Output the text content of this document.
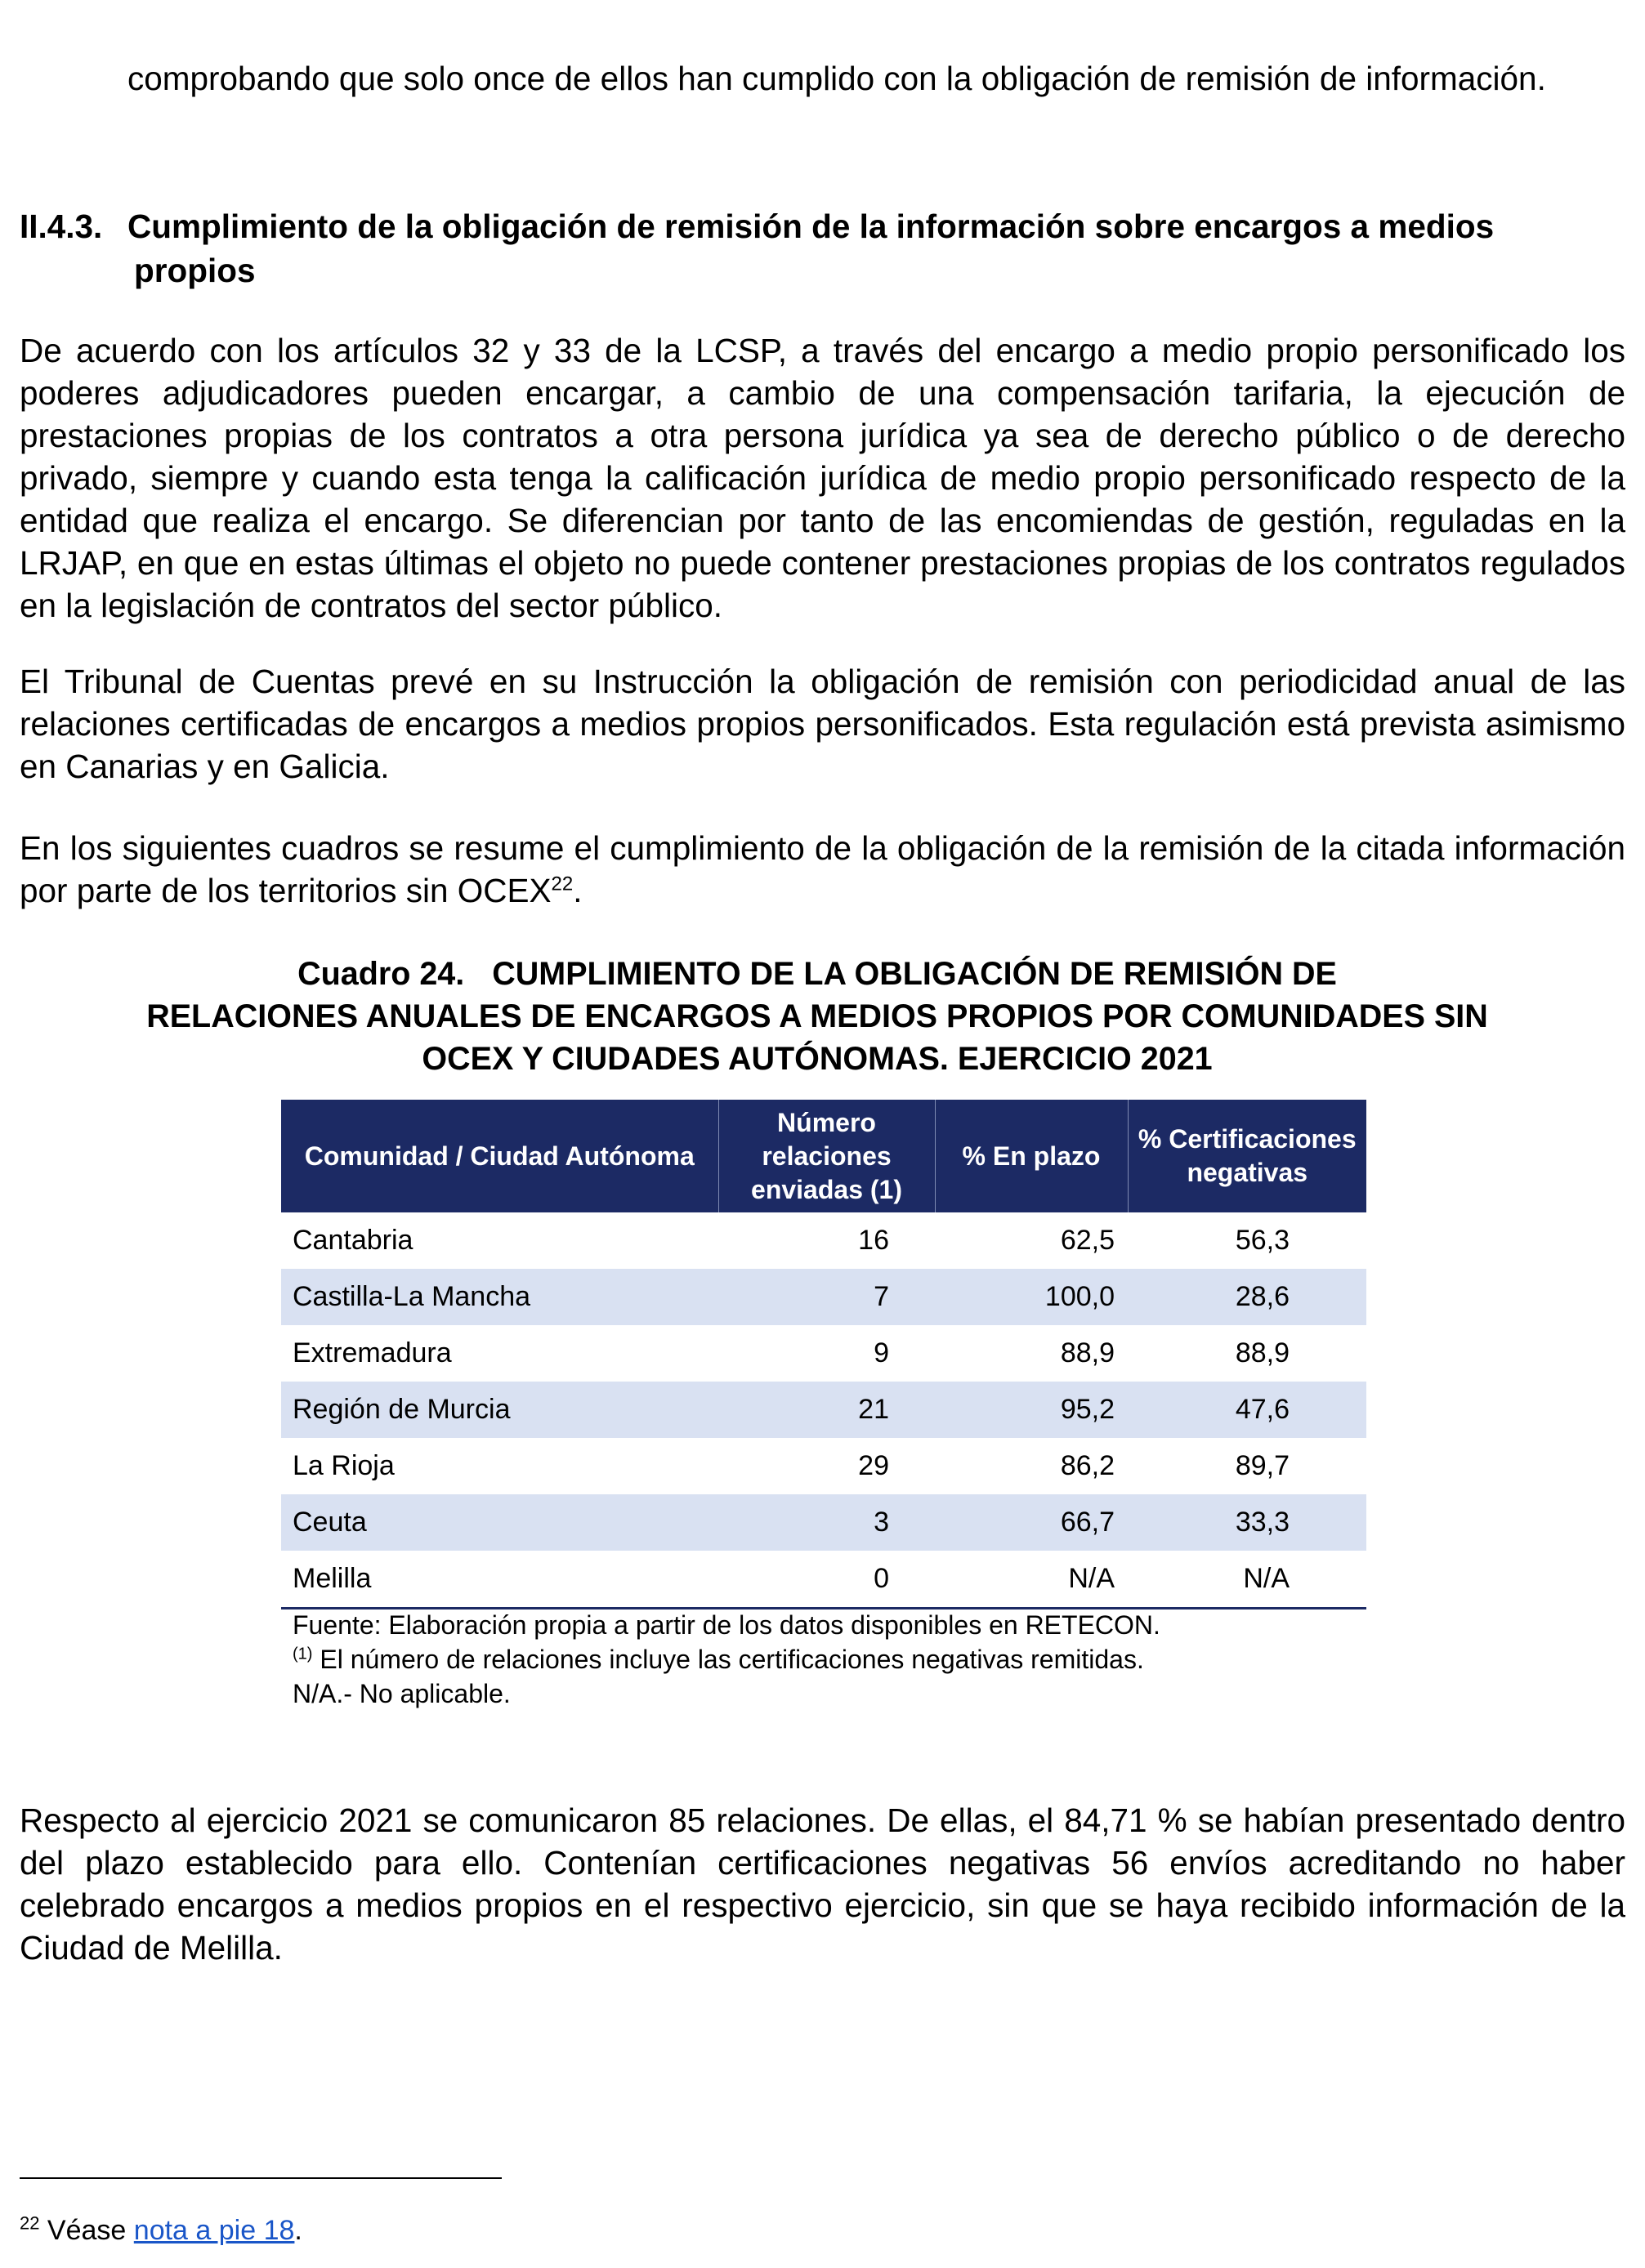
comprobando que solo once de ellos han cumplido con la obligación de remisión de información.
II.4.3. Cumplimiento de la obligación de remisión de la información sobre encargos a medios
propios
De acuerdo con los artículos 32 y 33 de la LCSP, a través del encargo a medio propio personificado los poderes adjudicadores pueden encargar, a cambio de una compensación tarifaria, la ejecución de prestaciones propias de los contratos a otra persona jurídica ya sea de derecho público o de derecho privado, siempre y cuando esta tenga la calificación jurídica de medio propio personificado respecto de la entidad que realiza el encargo. Se diferencian por tanto de las encomiendas de gestión, reguladas en la LRJAP, en que en estas últimas el objeto no puede contener prestaciones propias de los contratos regulados en la legislación de contratos del sector público.
El Tribunal de Cuentas prevé en su Instrucción la obligación de remisión con periodicidad anual de las relaciones certificadas de encargos a medios propios personificados. Esta regulación está prevista asimismo en Canarias y en Galicia.
En los siguientes cuadros se resume el cumplimiento de la obligación de la remisión de la citada información por parte de los territorios sin OCEX$^{22}$.
Cuadro 24. CUMPLIMIENTO DE LA OBLIGACIÓN DE REMISIÓN DE
RELACIONES ANUALES DE ENCARGOS A MEDIOS PROPIOS POR COMUNIDADES SIN
OCEX Y CIUDADES AUTÓNOMAS. EJERCICIO 2021
Comunidad / Ciudad Autónoma	Número relaciones enviadas (1)	% En plazo	% Certificaciones negativas
Cantabria	16	62,5	56,3
Castilla-La Mancha	7	100,0	28,6
Extremadura	9	88,9	88,9
Región de Murcia	21	95,2	47,6
La Rioja	29	86,2	89,7
Ceuta	3	66,7	33,3
Melilla	0	N/A	N/A
Fuente: Elaboración propia a partir de los datos disponibles en RETECON.
$^{(1)}$ El número de relaciones incluye las certificaciones negativas remitidas.
N/A.- No aplicable.
Respecto al ejercicio 2021 se comunicaron 85 relaciones. De ellas, el 84,71 % se habían presentado dentro del plazo establecido para ello. Contenían certificaciones negativas 56 envíos acreditando no haber celebrado encargos a medios propios en el respectivo ejercicio, sin que se haya recibido información de la Ciudad de Melilla.
$^{22}$ Véase nota a pie 18.
